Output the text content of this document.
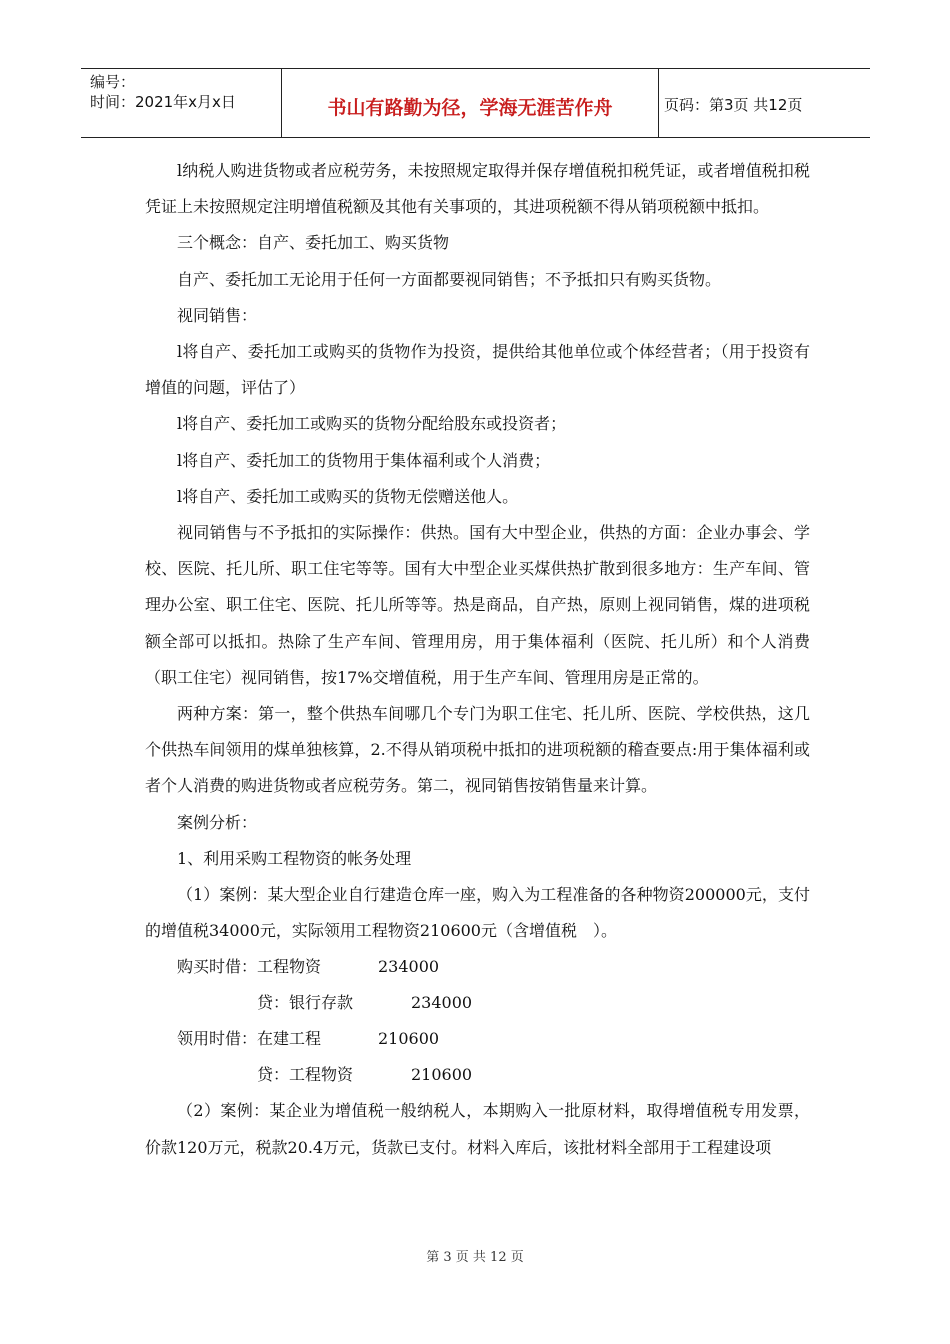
编号：
时间：2021年x月x日	书山有路勤为径，学海无涯苦作舟	页码：第3页 共12页

l纳税人购进货物或者应税劳务，未按照规定取得并保存增值税扣税凭证，或者增值税扣税凭证上未按照规定注明增值税额及其他有关事项的，其进项税额不得从销项税额中抵扣。

三个概念：自产、委托加工、购买货物

自产、委托加工无论用于任何一方面都要视同销售；不予抵扣只有购买货物。

视同销售：

l将自产、委托加工或购买的货物作为投资，提供给其他单位或个体经营者；（用于投资有增值的问题，评估了）

l将自产、委托加工或购买的货物分配给股东或投资者；

l将自产、委托加工的货物用于集体福利或个人消费；

l将自产、委托加工或购买的货物无偿赠送他人。

视同销售与不予抵扣的实际操作：供热。国有大中型企业，供热的方面：企业办事会、学校、医院、托儿所、职工住宅等等。国有大中型企业买煤供热扩散到很多地方：生产车间、管理办公室、职工住宅、医院、托儿所等等。热是商品，自产热，原则上视同销售，煤的进项税额全部可以抵扣。热除了生产车间、管理用房，用于集体福利（医院、托儿所）和个人消费（职工住宅）视同销售，按17%交增值税，用于生产车间、管理用房是正常的。

两种方案：第一，整个供热车间哪几个专门为职工住宅、托儿所、医院、学校供热，这几个供热车间领用的煤单独核算，2.不得从销项税中抵扣的进项税额的稽查要点:用于集体福利或者个人消费的购进货物或者应税劳务。第二，视同销售按销售量来计算。

案例分析：

1、利用采购工程物资的帐务处理

（1）案例：某大型企业自行建造仓库一座，购入为工程准备的各种物资200000元，支付的增值税34000元，实际领用工程物资210600元（含增值税　）。

购买时借： 工程物资	234000
贷：银行存款	234000
领用时借： 在建工程	210600
贷：工程物资	210600

（2）案例：某企业为增值税一般纳税人，本期购入一批原材料，取得增值税专用发票，价款120万元，税款20.4万元，货款已支付。材料入库后，该批材料全部用于工程建设项

第 3 页 共 12 页
